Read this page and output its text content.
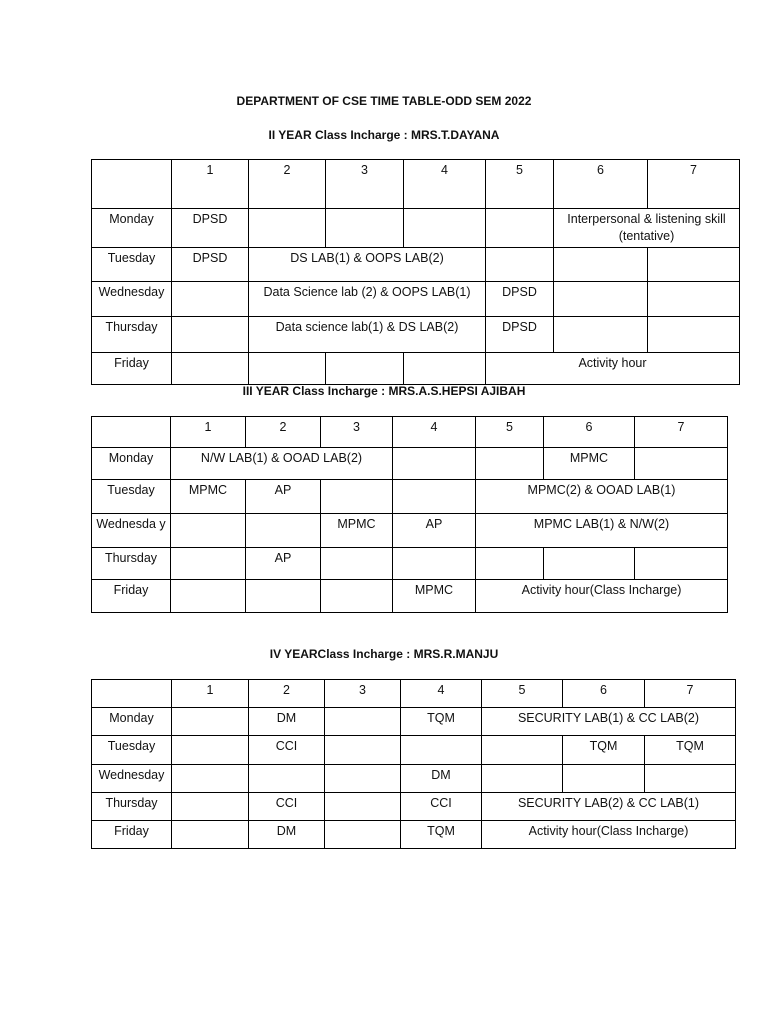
DEPARTMENT OF CSE TIME TABLE-ODD SEM 2022

II YEAR Class Incharge : MRS.T.DAYANA

III YEAR Class Incharge : MRS.A.S.HEPSI AJIBAH

IV YEARClass Incharge : MRS.R.MANJU

	1	2	3	4	5	6	7
Monday	DPSD					Interpersonal & listening skill (tentative)	
Tuesday	DPSD	DS LAB(1) & OOPS LAB(2)					
Wednesday		Data Science lab (2) & OOPS LAB(1)			DPSD		
Thursday		Data science lab(1) & DS LAB(2)			DPSD		
Friday					Activity hour		
	1	2	3	4	5	6	7
Monday	N/W LAB(1) & OOAD LAB(2)					MPMC	
Tuesday	MPMC	AP			MPMC(2) & OOAD LAB(1)		
Wednesda y			MPMC	AP	MPMC LAB(1) & N/W(2)		
Thursday		AP					
Friday				MPMC	Activity hour(Class Incharge)		
	1	2	3	4	5	6	7
Monday		DM		TQM	SECURITY LAB(1) & CC LAB(2)		
Tuesday		CCI				TQM	TQM
Wednesday				DM			
Thursday		CCI		CCI	SECURITY LAB(2) & CC LAB(1)		
Friday		DM		TQM	Activity hour(Class Incharge)		
